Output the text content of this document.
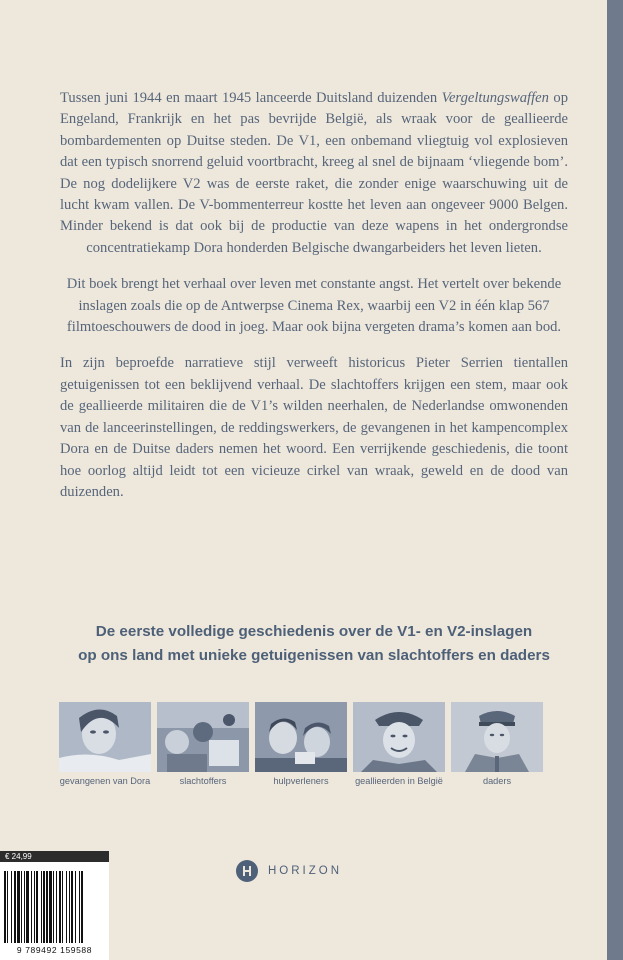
Tussen juni 1944 en maart 1945 lanceerde Duitsland duizenden Vergeltungswaffen op Engeland, Frankrijk en het pas bevrijde België, als wraak voor de geallieerde bombardementen op Duitse steden. De V1, een onbemand vliegtuig vol explosieven dat een typisch snorrend geluid voortbracht, kreeg al snel de bijnaam ‘vliegende bom’. De nog dodelijkere V2 was de eerste raket, die zonder enige waarschuwing uit de lucht kwam vallen. De V-bommenterreur kostte het leven aan ongeveer 9000 Belgen. Minder bekend is dat ook bij de productie van deze wapens in het ondergrondse concentratiekamp Dora honderden Belgische dwangarbeiders het leven lieten.

Dit boek brengt het verhaal over leven met constante angst. Het vertelt over bekende inslagen zoals die op de Antwerpse Cinema Rex, waarbij een V2 in één klap 567 filmtoeschouwers de dood in joeg. Maar ook bijna vergeten drama’s komen aan bod.

In zijn beproefde narratieve stijl verweeft historicus Pieter Serrien tientallen getuigenissen tot een beklijvend verhaal. De slachtoffers krijgen een stem, maar ook de geallieerde militairen die de V1’s wilden neerhalen, de Nederlandse omwonenden van de lanceerinstellingen, de reddingswerkers, de gevangenen in het kampencomplex Dora en de Duitse daders nemen het woord. Een verrijkende geschiedenis, die toont hoe oorlog altijd leidt tot een vicieuze cirkel van wraak, geweld en de dood van duizenden.

De eerste volledige geschiedenis over de V1- en V2-inslagen
op ons land met unieke getuigenissen van slachtoffers en daders
gevangenen van Dora	slachtoffers	hulpverleners	geallieerden in België	daders
€ 24,99
9 789492 159588
HORIZON
